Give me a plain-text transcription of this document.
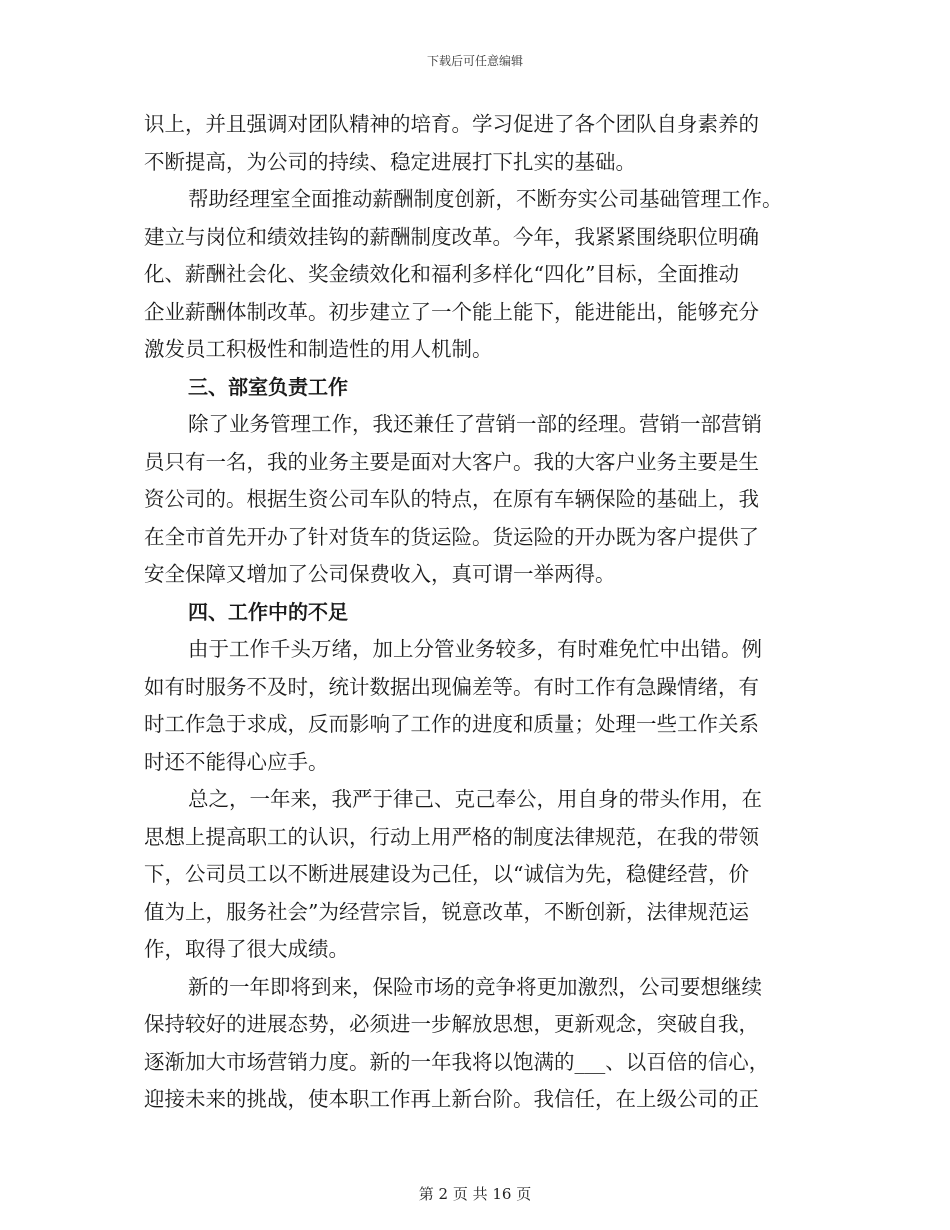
下载后可任意编辑
识上，并且强调对团队精神的培育。学习促进了各个团队自身素养的
不断提高，为公司的持续、稳定进展打下扎实的基础。
帮助经理室全面推动薪酬制度创新，不断夯实公司基础管理工作。
建立与岗位和绩效挂钩的薪酬制度改革。今年，我紧紧围绕职位明确
化、薪酬社会化、奖金绩效化和福利多样化“四化”目标，全面推动
企业薪酬体制改革。初步建立了一个能上能下，能进能出，能够充分
激发员工积极性和制造性的用人机制。
三、部室负责工作
除了业务管理工作，我还兼任了营销一部的经理。营销一部营销
员只有一名，我的业务主要是面对大客户。我的大客户业务主要是生
资公司的。根据生资公司车队的特点，在原有车辆保险的基础上，我
在全市首先开办了针对货车的货运险。货运险的开办既为客户提供了
安全保障又增加了公司保费收入，真可谓一举两得。
四、工作中的不足
由于工作千头万绪，加上分管业务较多，有时难免忙中出错。例
如有时服务不及时，统计数据出现偏差等。有时工作有急躁情绪，有
时工作急于求成，反而影响了工作的进度和质量；处理一些工作关系
时还不能得心应手。
总之，一年来，我严于律己、克己奉公，用自身的带头作用，在
思想上提高职工的认识，行动上用严格的制度法律规范，在我的带领
下，公司员工以不断进展建设为己任，以“诚信为先，稳健经营，价
值为上，服务社会”为经营宗旨，锐意改革，不断创新，法律规范运
作，取得了很大成绩。
新的一年即将到来，保险市场的竞争将更加激烈，公司要想继续
保持较好的进展态势，必须进一步解放思想，更新观念，突破自我，
逐渐加大市场营销力度。新的一年我将以饱满的___、以百倍的信心，
迎接未来的挑战，使本职工作再上新台阶。我信任，在上级公司的正
第 2 页 共 16 页
